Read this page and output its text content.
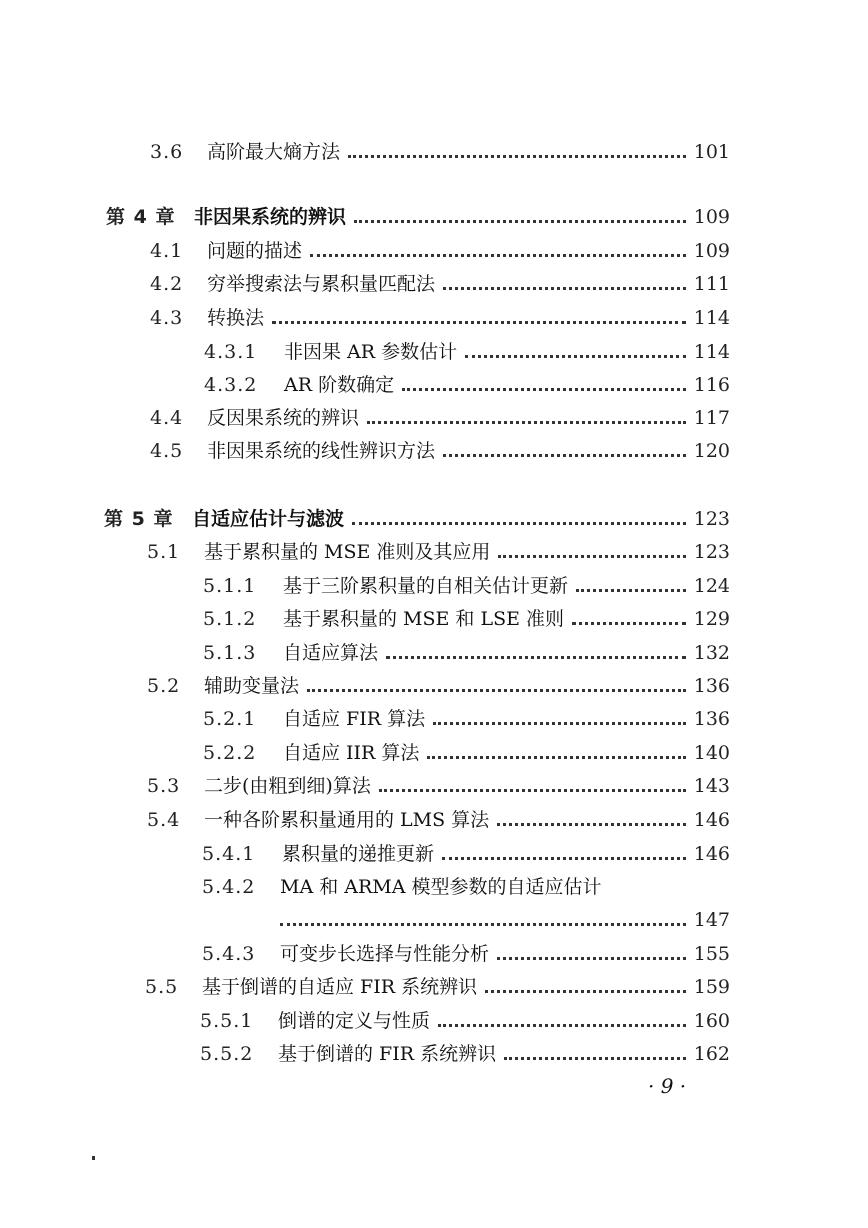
3.6	高阶最大熵方法	101
第 4 章 非因果系统的辨识	109
4.1	问题的描述	109
4.2	穷举搜索法与累积量匹配法	111
4.3	转换法	114
4.3.1	非因果 AR 参数估计	114
4.3.2	AR 阶数确定	116
4.4	反因果系统的辨识	117
4.5	非因果系统的线性辨识方法	120
第 5 章 自适应估计与滤波	123
5.1	基于累积量的 MSE 准则及其应用	123
5.1.1	基于三阶累积量的自相关估计更新	124
5.1.2	基于累积量的 MSE 和 LSE 准则	129
5.1.3	自适应算法	132
5.2	辅助变量法	136
5.2.1	自适应 FIR 算法	136
5.2.2	自适应 IIR 算法	140
5.3	二步(由粗到细)算法	143
5.4	一种各阶累积量通用的 LMS 算法	146
5.4.1	累积量的递推更新	146
5.4.2	MA 和 ARMA 模型参数的自适应估计
147
5.4.3	可变步长选择与性能分析	155
5.5	基于倒谱的自适应 FIR 系统辨识	159
5.5.1	倒谱的定义与性质	160
5.5.2	基于倒谱的 FIR 系统辨识	162
· 9 ·
